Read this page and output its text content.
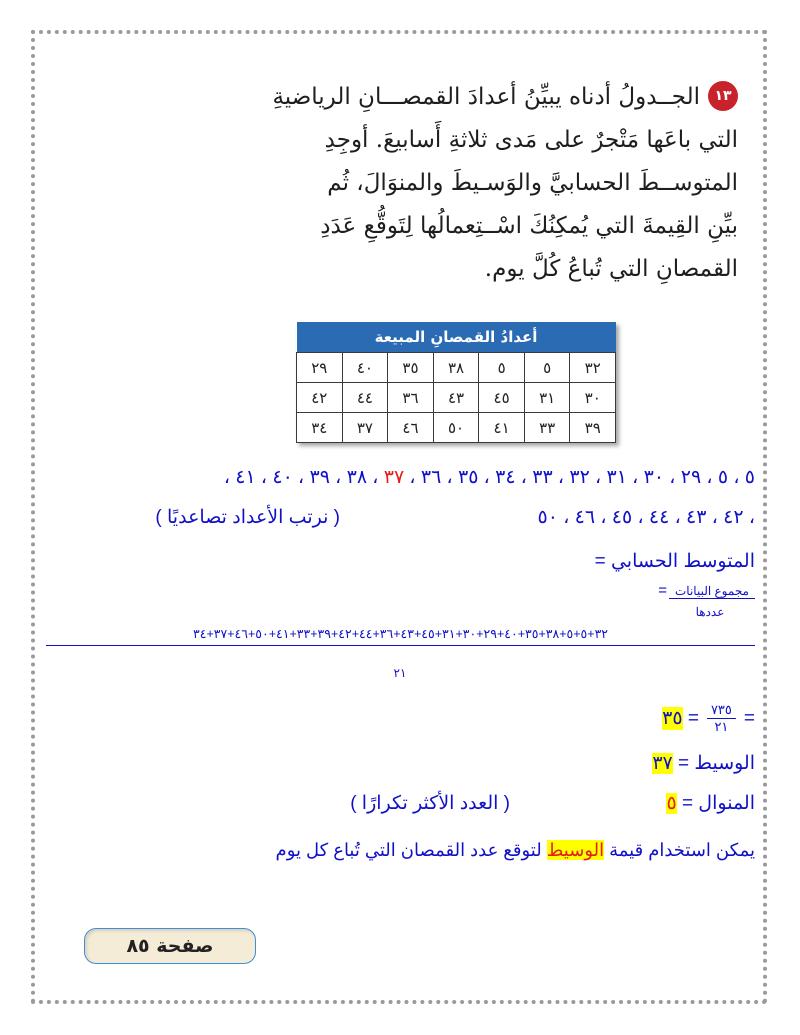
١٣الجــدولُ أدناه يبيِّنُ أعدادَ القمصـــانِ الرياضيةِ
التي باعَها مَتْجرٌ على مَدى ثلاثةِ أَسابيعَ. أوجِدِ
المتوســطَ الحسابيَّ والوَسـيطَ والمنوَالَ، ثُم
بيِّنِ القِيمةَ التي يُمكِنُكَ اسْــتِعمالُها لِتَوقُّعِ عَدَدِ
القمصانِ التي تُباعُ كُلَّ يوم.
أعدادُ القمصانِ المبيعة						
٣٢	٥	٥	٣٨	٣٥	٤٠	٢٩
٣٠	٣١	٤٥	٤٣	٣٦	٤٤	٤٢
٣٩	٣٣	٤١	٥٠	٤٦	٣٧	٣٤
٥ ، ٥ ، ٢٩ ، ٣٠ ، ٣١ ، ٣٢ ، ٣٣ ، ٣٤ ، ٣٥ ، ٣٦ ، ٣٧ ، ٣٨ ، ٣٩ ، ٤٠ ، ٤١ ،
، ٤٢ ، ٤٣ ، ٤٤ ، ٤٥ ، ٤٦ ، ٥٠
( نرتب الأعداد تصاعديًا )
المتوسط الحسابي =
مجموع البيانات=
عددها
٣٢+٥+٥+٣٨+٣٥+٤٠+٢٩+٣٠+٣١+٤٥+٤٣+٣٦+٤٤+٤٢+٣٩+٣٣+٤١+٥٠+٤٦+٣٧+٣٤
٢١
=
٧٣٥
٢١
=

٣٥
الوسيط = ٣٧
المنوال = ٥
( العدد الأكثر تكرارًا )
يمكن استخدام قيمة الوسيط لتوقع عدد القمصان التي تُباع كل يوم
صفحة ٨٥
